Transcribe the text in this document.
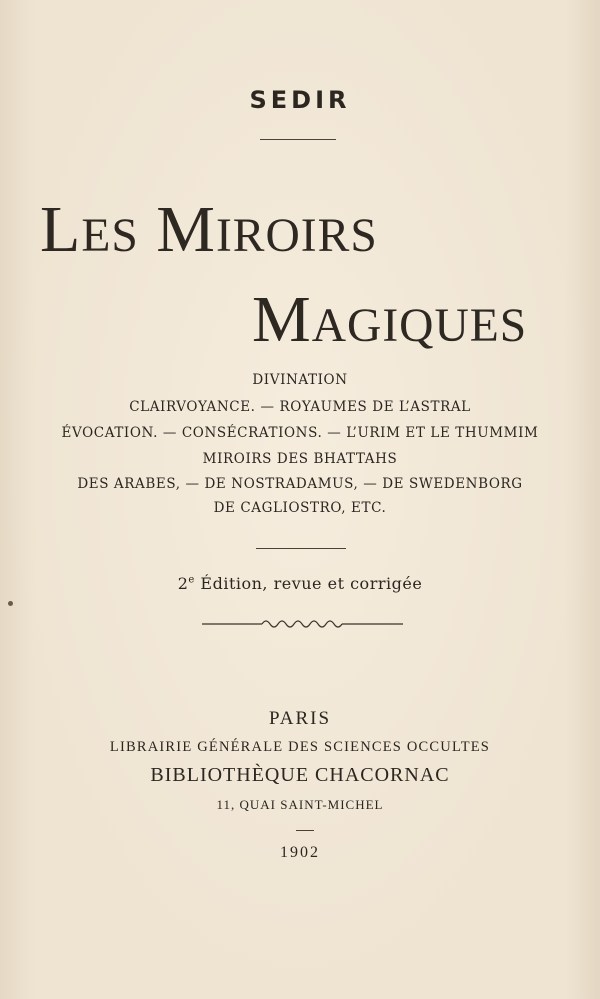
SEDIR
LES MIROIRS
MAGIQUES
DIVINATION
CLAIRVOYANCE. — ROYAUMES DE L’ASTRAL
ÉVOCATION. — CONSÉCRATIONS. — L’URIM ET LE THUMMIM
MIROIRS DES BHATTAHS
DES ARABES, — DE NOSTRADAMUS, — DE SWEDENBORG
DE CAGLIOSTRO, ETC.
2e Édition, revue et corrigée
PARIS
LIBRAIRIE GÉNÉRALE DES SCIENCES OCCULTES
BIBLIOTHÈQUE CHACORNAC
11, QUAI SAINT-MICHEL
1902
